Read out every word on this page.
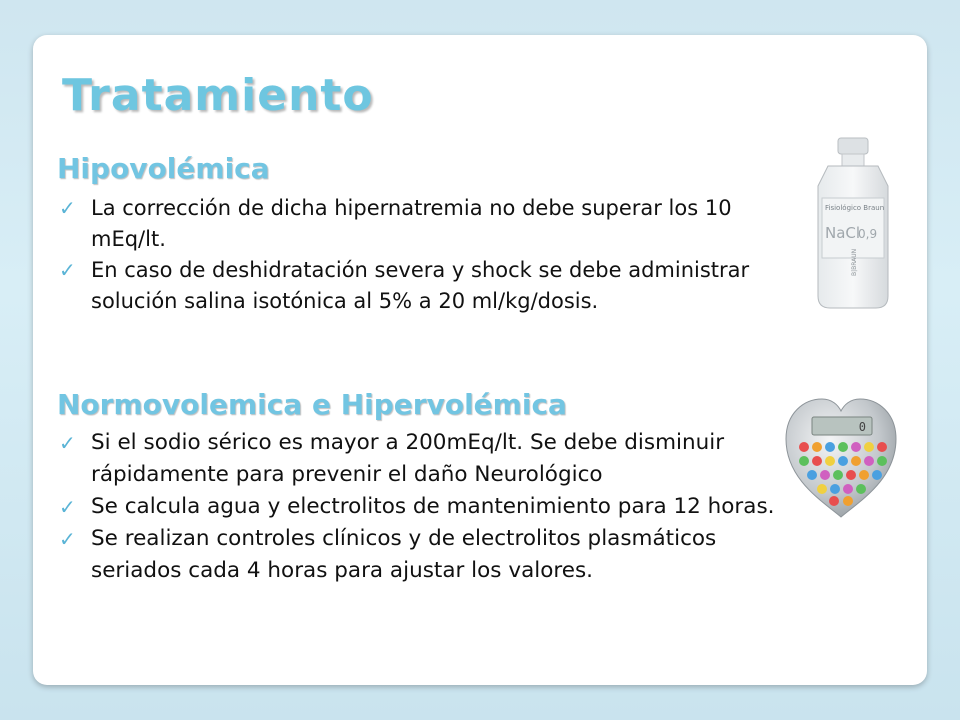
Tratamiento
Hipovolémica
✓ La corrección de dicha hipernatremia no debe superar los 10 mEq/lt.
✓ En caso de deshidratación severa y shock se debe administrar solución salina isotónica al 5% a 20 ml/kg/dosis.
Normovolemica e Hipervolémica
✓ Si el sodio sérico es mayor a 200mEq/lt. Se debe disminuir rápidamente para prevenir el daño Neurológico
✓ Se calcula agua y electrolitos de mantenimiento para 12 horas.
✓ Se realizan controles clínicos y de electrolitos plasmáticos seriados cada 4 horas para ajustar los valores.
Fisiológico Braun
NaCl
0,9
B|BRAUN
0
